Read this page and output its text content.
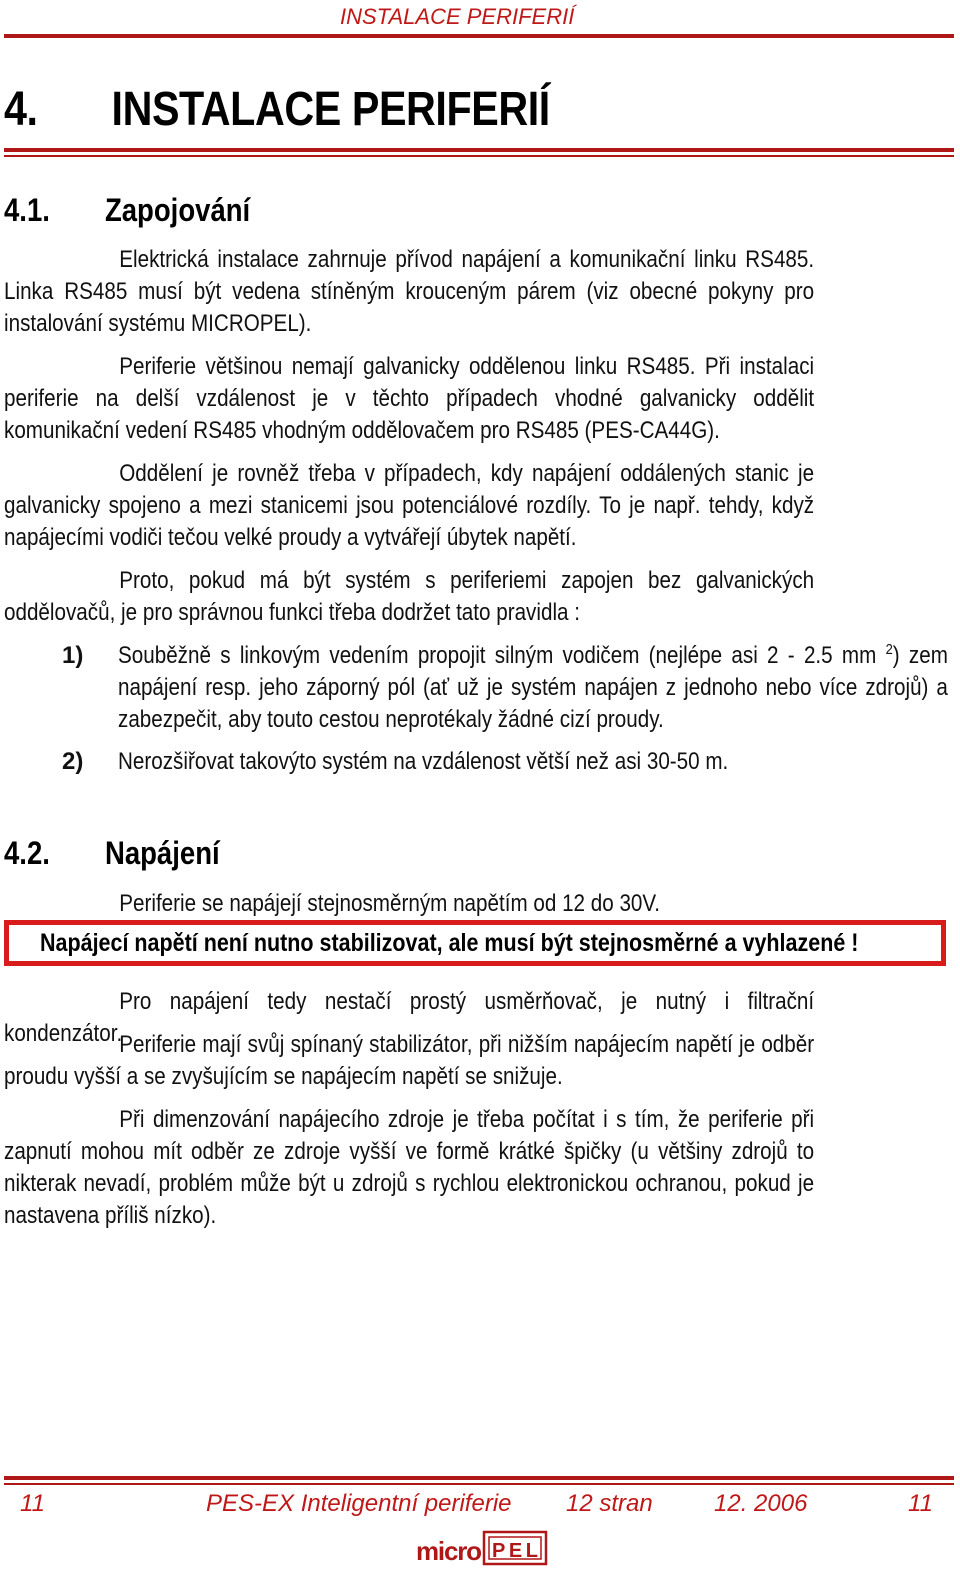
INSTALACE PERIFERIÍ
4. INSTALACE PERIFERIÍ
4.1. Zapojování
Elektrická instalace zahrnuje přívod napájení a komunikační linku RS485. Linka RS485 musí být vedena stíněným krouceným párem (viz obecné pokyny pro instalování systému MICROPEL).
Periferie většinou nemají galvanicky oddělenou linku RS485. Při instalaci periferie na delší vzdálenost je v těchto případech vhodné galvanicky oddělit komunikační vedení RS485 vhodným oddělovačem pro RS485 (PES-CA44G).
Oddělení je rovněž třeba v případech, kdy napájení oddálených stanic je galvanicky spojeno a mezi stanicemi jsou potenciálové rozdíly. To je např. tehdy, když napájecími vodiči tečou velké proudy a vytvářejí úbytek napětí.
Proto, pokud má být systém s periferiemi zapojen bez galvanických oddělovačů, je pro správnou funkci třeba dodržet tato pravidla :
1) Souběžně s linkovým vedením propojit silným vodičem (nejlépe asi 2 - 2.5 mm $^2$) zem napájení resp. jeho záporný pól (ať už je systém napájen z jednoho nebo více zdrojů) a zabezpečit, aby touto cestou neprotékaly žádné cizí proudy.
2) Nerozšiřovat takovýto systém na vzdálenost větší než asi 30-50 m.
4.2. Napájení
Periferie se napájejí stejnosměrným napětím od 12 do 30V.
Napájecí napětí není nutno stabilizovat, ale musí být stejnosměrné a vyhlazené !
Pro napájení tedy nestačí prostý usměrňovač, je nutný i filtrační kondenzátor.
Periferie mají svůj spínaný stabilizátor, při nižším napájecím napětí je odběr proudu vyšší a se zvyšujícím se napájecím napětí se snižuje.
Při dimenzování napájecího zdroje je třeba počítat i s tím, že periferie při zapnutí mohou mít odběr ze zdroje vyšší ve formě krátké špičky (u většiny zdrojů to nikterak nevadí, problém může být u zdrojů s rychlou elektronickou ochranou, pokud je nastavena příliš nízko).
11	PES-EX Inteligentní periferie 12 stran	12. 2006	11
micro PEL
